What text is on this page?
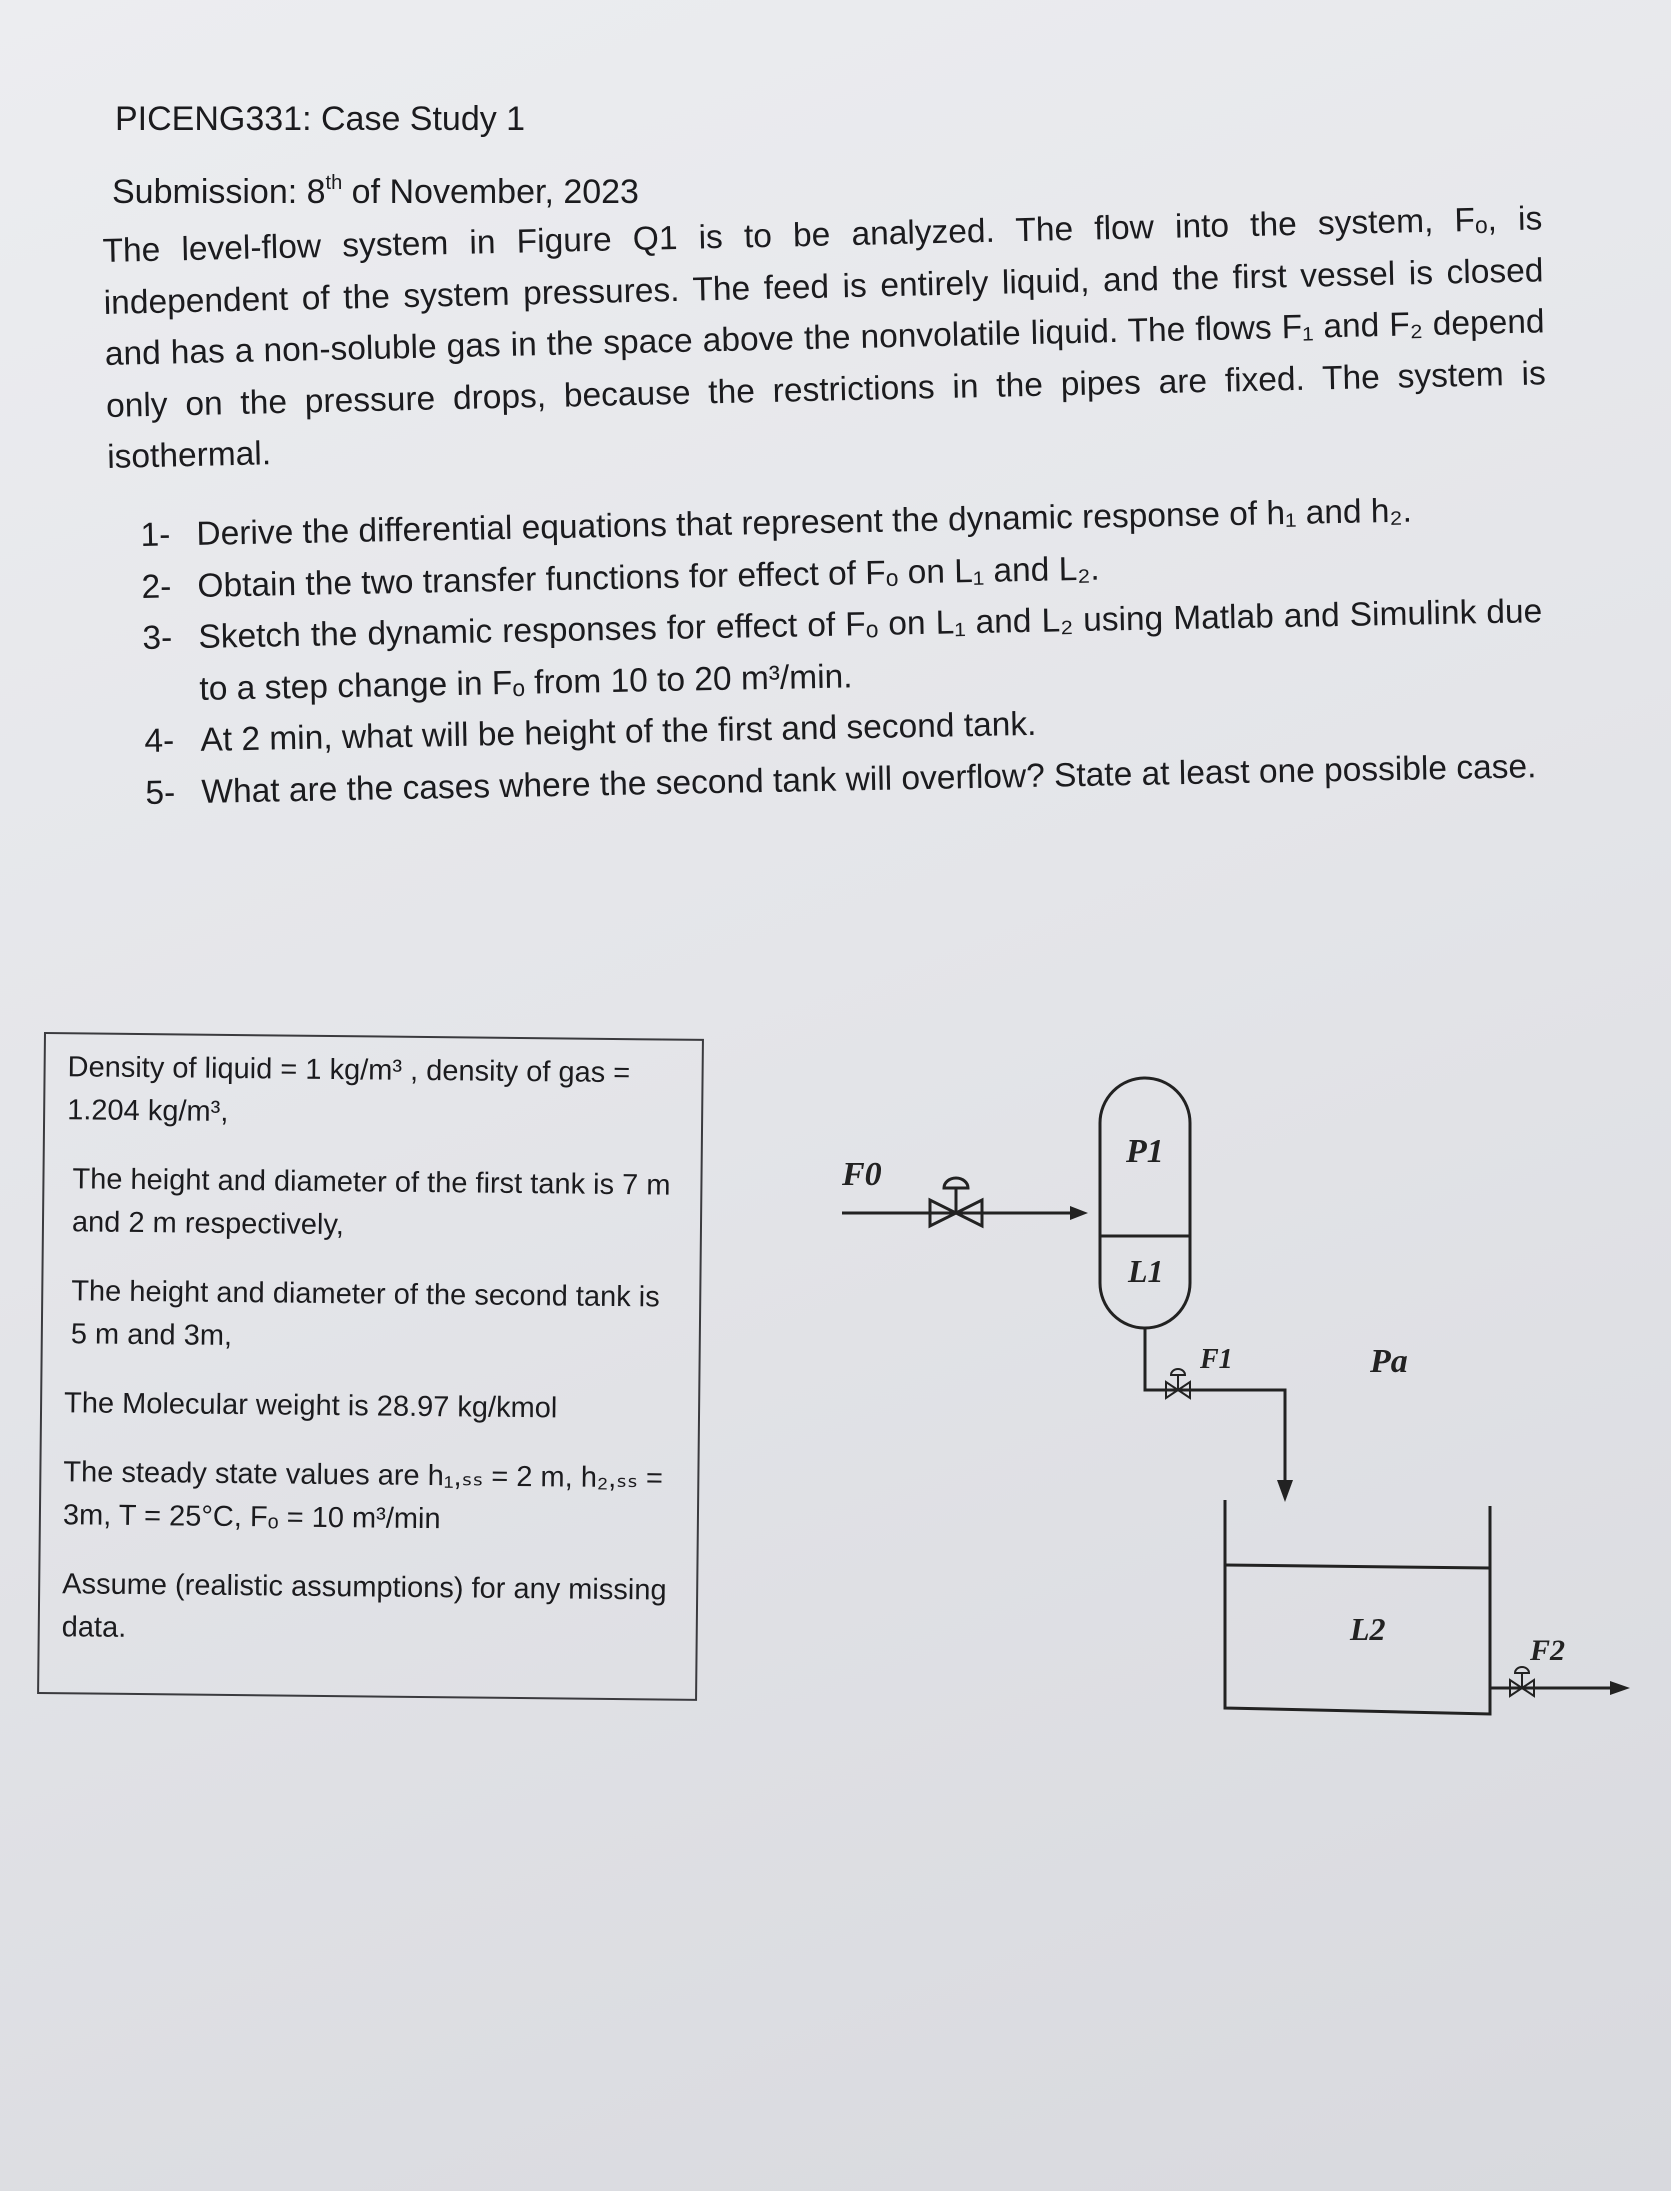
PICENG331: Case Study 1
Submission: 8th of November, 2023
The level-flow system in Figure Q1 is to be analyzed. The flow into the system, Fₒ, is independent of the system pressures. The feed is entirely liquid, and the first vessel is closed and has a non-soluble gas in the space above the nonvolatile liquid. The flows F₁ and F₂ depend only on the pressure drops, because the restrictions in the pipes are fixed. The system is isothermal.
1- Derive the differential equations that represent the dynamic response of h₁ and h₂.
2- Obtain the two transfer functions for effect of Fₒ on L₁ and L₂.
3- Sketch the dynamic responses for effect of Fₒ on L₁ and L₂ using Matlab and Simulink due to a step change in Fₒ from 10 to 20 m³/min.
4- At 2 min, what will be height of the first and second tank.
5- What are the cases where the second tank will overflow? State at least one possible case.

Density of liquid = 1 kg/m³ , density of gas = 1.204 kg/m³,

The height and diameter of the first tank is 7 m and 2 m respectively,

The height and diameter of the second tank is 5 m and 3m,

The Molecular weight is 28.97 kg/kmol

The steady state values are h₁,ₛₛ = 2 m, h₂,ₛₛ = 3m, T = 25°C, Fₒ = 10 m³/min

Assume (realistic assumptions) for any missing data.

F0
P1
L1
F1	Pa
L2
F2
